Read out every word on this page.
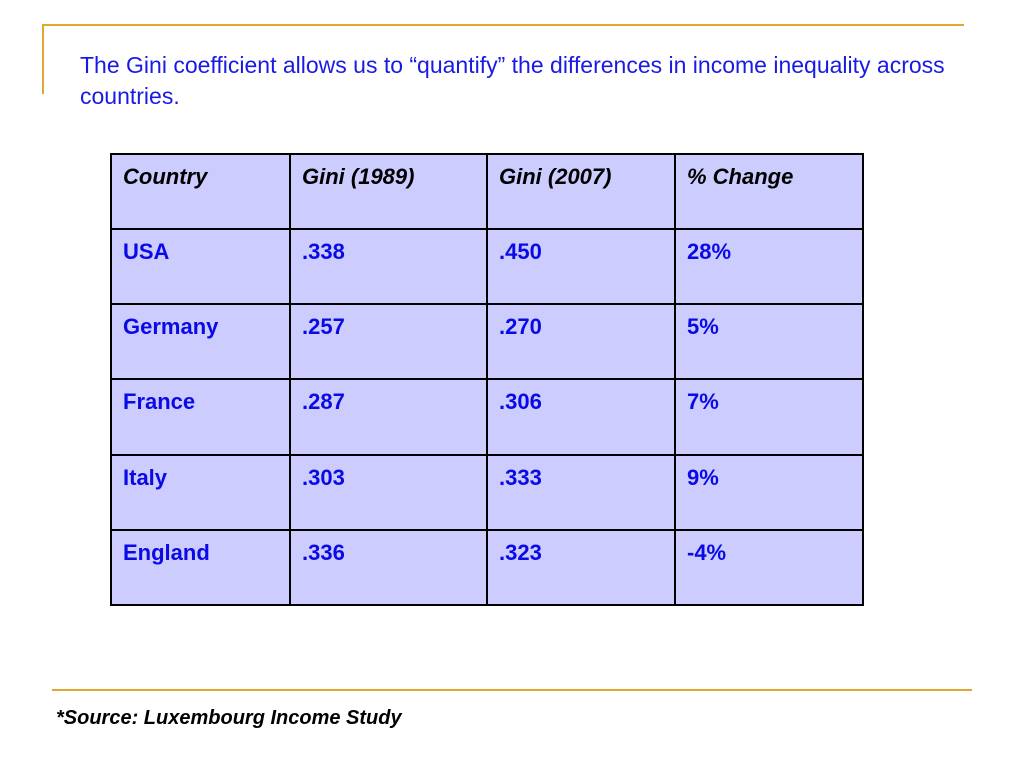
The Gini coefficient allows us to “quantify” the differences in income inequality across countries.

Country	Gini (1989)	Gini (2007)	% Change
USA	.338	.450	28%
Germany	.257	.270	5%
France	.287	.306	7%
Italy	.303	.333	9%
England	.336	.323	-4%

*Source: Luxembourg Income Study
